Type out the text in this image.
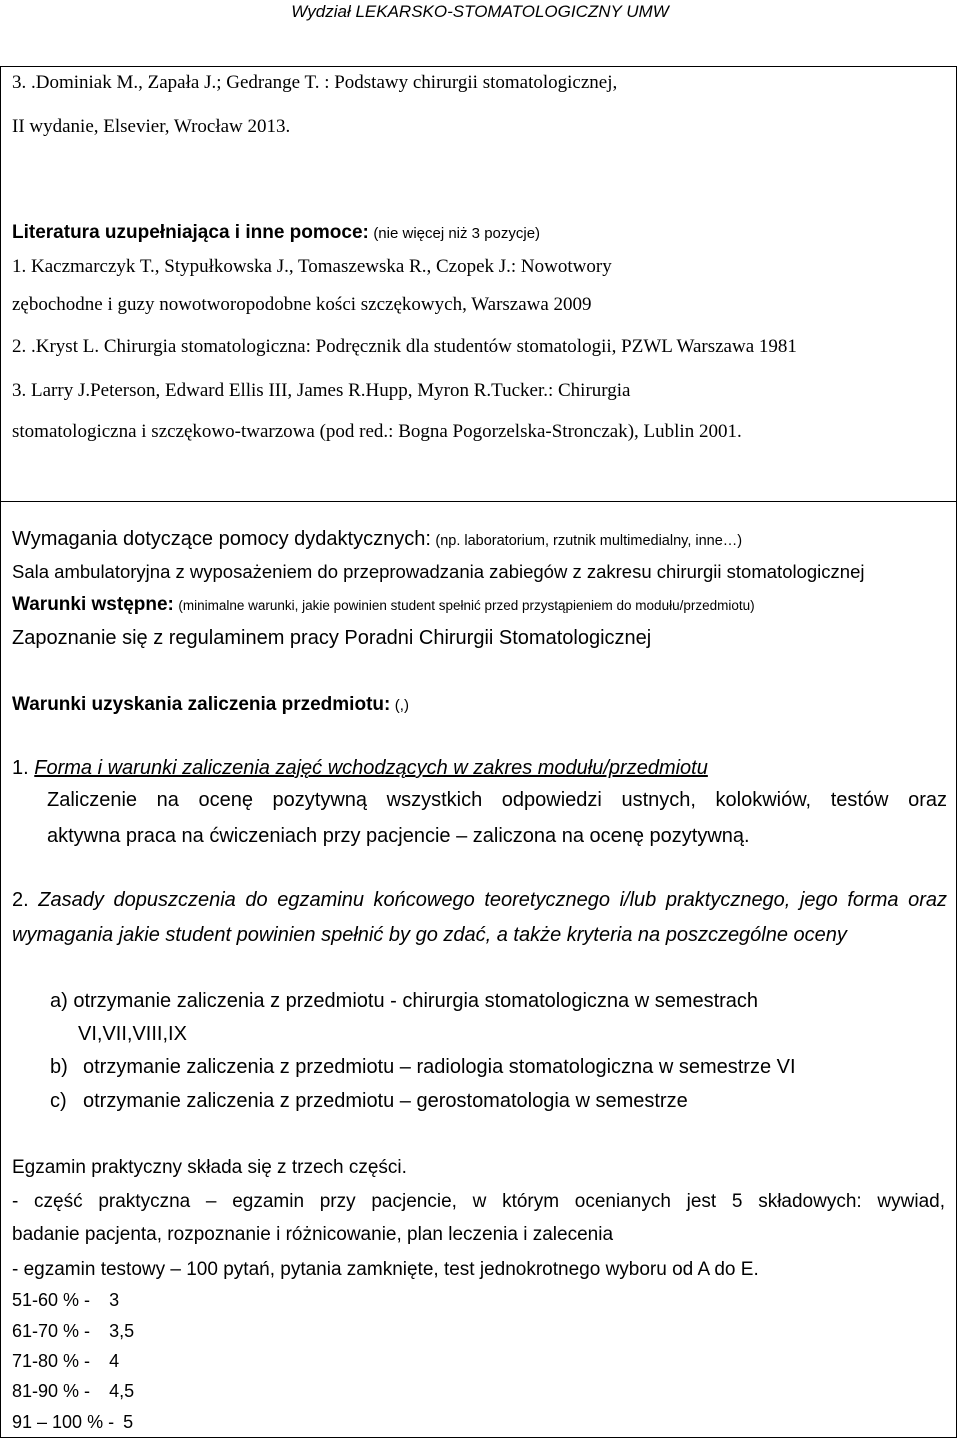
Wydział LEKARSKO-STOMATOLOGICZNY UMW
3. .Dominiak M., Zapała J.; Gedrange T. : Podstawy chirurgii stomatologicznej,
II wydanie, Elsevier, Wrocław 2013.
Literatura uzupełniająca i inne pomoce: (nie więcej niż 3 pozycje)
1. Kaczmarczyk T., Stypułkowska J., Tomaszewska R., Czopek J.: Nowotwory
zębochodne i guzy nowotworopodobne kości szczękowych, Warszawa 2009
2. .Kryst L. Chirurgia stomatologiczna: Podręcznik dla studentów stomatologii, PZWL Warszawa 1981
3. Larry J.Peterson, Edward Ellis III, James R.Hupp, Myron R.Tucker.: Chirurgia
stomatologiczna i szczękowo-twarzowa (pod red.: Bogna Pogorzelska-Stronczak), Lublin 2001.
Wymagania dotyczące pomocy dydaktycznych: (np. laboratorium, rzutnik multimedialny, inne…)
Sala ambulatoryjna z wyposażeniem do przeprowadzania zabiegów z zakresu chirurgii stomatologicznej
Warunki wstępne: (minimalne warunki, jakie powinien student spełnić przed przystąpieniem do modułu/przedmiotu)
Zapoznanie się z regulaminem pracy Poradni Chirurgii Stomatologicznej
Warunki uzyskania zaliczenia przedmiotu: (,)
1. Forma i warunki zaliczenia zajęć wchodzących w zakres modułu/przedmiotu
Zaliczenie na ocenę pozytywną wszystkich odpowiedzi ustnych, kolokwiów, testów oraz
aktywna praca na ćwiczeniach przy pacjencie – zaliczona na ocenę pozytywną.
2. Zasady dopuszczenia do egzaminu końcowego teoretycznego i/lub praktycznego, jego forma oraz
wymagania jakie student powinien spełnić by go zdać, a także kryteria na poszczególne oceny
a) otrzymanie zaliczenia z przedmiotu - chirurgia stomatologiczna w semestrach
VI,VII,VIII,IX
b) otrzymanie zaliczenia z przedmiotu – radiologia stomatologiczna w semestrze VI
c) otrzymanie zaliczenia z przedmiotu – gerostomatologia w semestrze
Egzamin praktyczny składa się z trzech części.
- część praktyczna – egzamin przy pacjencie, w którym ocenianych jest 5 składowych: wywiad,
badanie pacjenta, rozpoznanie i różnicowanie, plan leczenia i zalecenia
- egzamin testowy – 100 pytań, pytania zamknięte, test jednokrotnego wyboru od A do E.
51-60 % - 3
61-70 % - 3,5
71-80 % - 4
81-90 % - 4,5
91 – 100 % - 5
